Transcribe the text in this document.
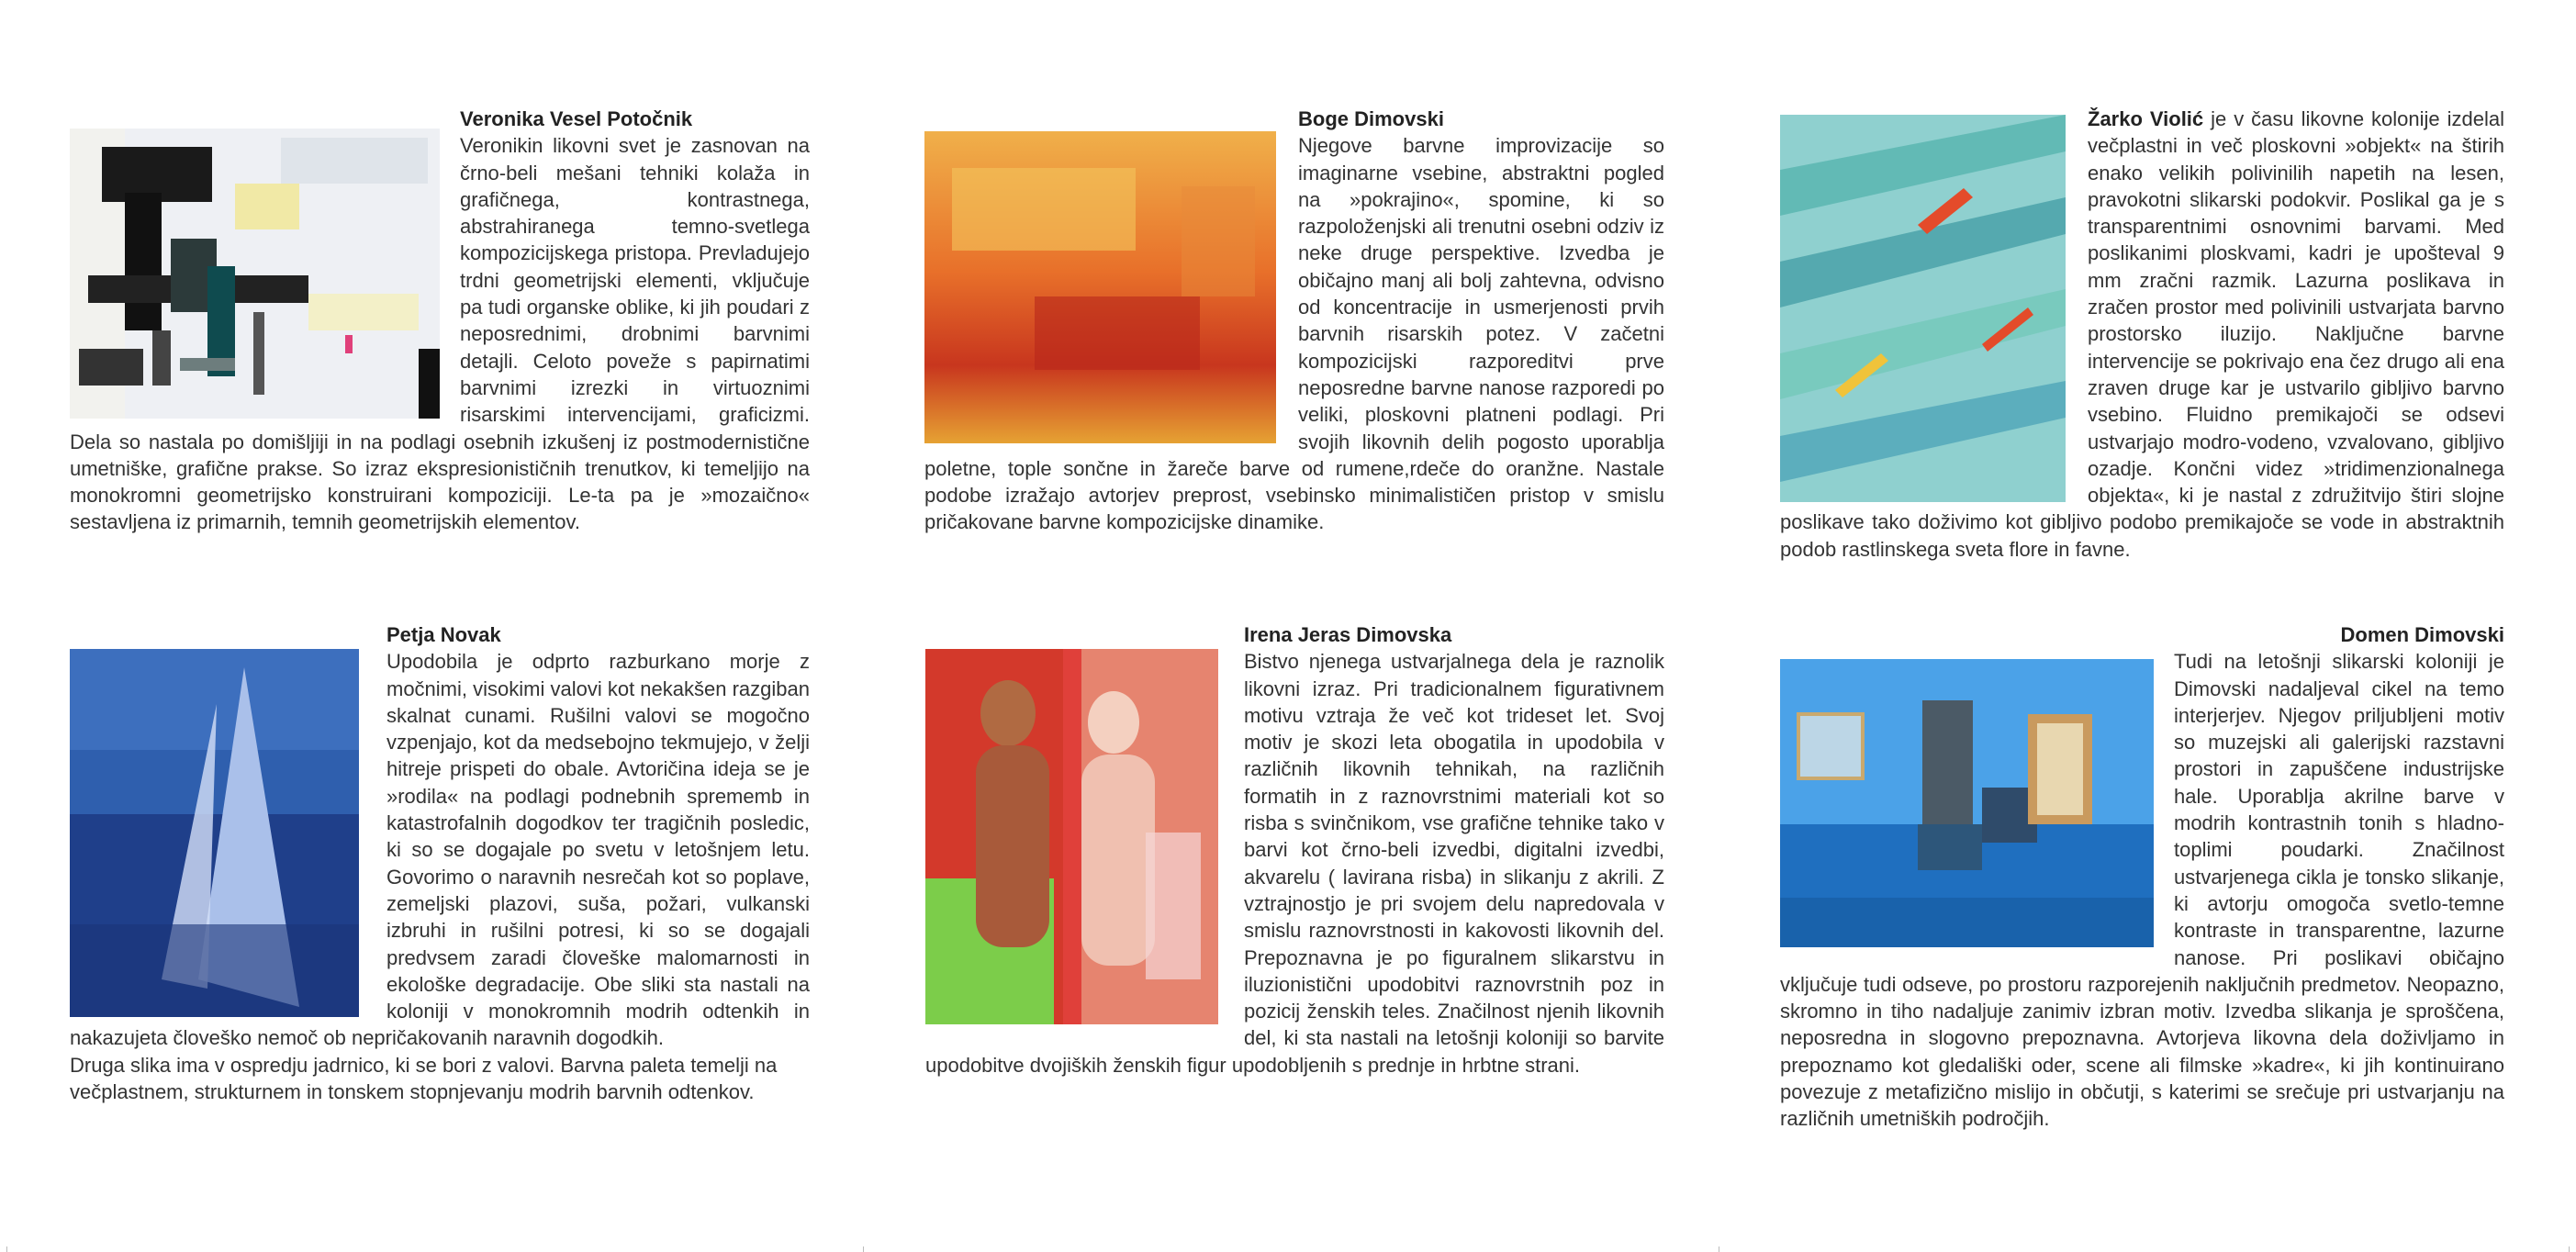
Veronika Vesel Potočnik

Veronikin likovni svet je zasnovan na črno-beli mešani tehniki kolaža in grafičnega, kontrastnega, abstrahiranega temno-svetlega kompozicijskega pristopa. Prevladujejo trdni geometrijski elementi, vključuje pa tudi organske oblike, ki jih poudari z neposrednimi, drobnimi barvnimi detajli. Celoto poveže s papirnatimi barvnimi izrezki in virtuoznimi risarskimi intervencijami, graficizmi. Dela so nastala po domišljiji in na podlagi osebnih izkušenj iz postmodernistične umetniške, grafične prakse. So izraz ekspresionističnih trenutkov, ki temeljijo na monokromni geometrijsko konstruirani kompoziciji. Le-ta pa je »mozaično« sestavljena iz primarnih, temnih geometrijskih elementov.

Boge Dimovski

Njegove barvne improvizacije so imaginarne vsebine, abstraktni pogled na »pokrajino«, spomine, ki so razpoloženjski ali trenutni osebni odziv iz neke druge perspektive. Izvedba je običajno manj ali bolj zahtevna, odvisno od koncentracije in usmerjenosti prvih barvnih risarskih potez. V začetni kompozicijski razporeditvi prve neposredne barvne nanose razporedi po veliki, ploskovni platneni podlagi. Pri svojih likovnih delih pogosto uporablja poletne, tople sončne in žareče barve od rumene,rdeče do oranžne. Nastale podobe izražajo avtorjev preprost, vsebinsko minimalističen pristop v smislu pričakovane barvne kompozicijske dinamike.

Žarko Violić je v času likovne kolonije izdelal večplastni in več ploskovni »objekt« na štirih enako velikih polivinilih napetih na lesen, pravokotni slikarski podokvir. Poslikal ga je s transparentnimi osnovnimi barvami. Med poslikanimi ploskvami, kadri je upošteval 9 mm zračni razmik. Lazurna poslikava in zračen prostor med polivinili ustvarjata barvno prostorsko iluzijo. Naključne barvne intervencije se pokrivajo ena čez drugo ali ena zraven druge kar je ustvarilo gibljivo barvno vsebino. Fluidno premikajoči se odsevi ustvarjajo modro-vodeno, vzvalovano, gibljivo ozadje. Končni videz »tridimenzionalnega objekta«, ki je nastal z združitvijo štiri slojne poslikave tako doživimo kot gibljivo podobo premikajoče se vode in abstraktnih podob rastlinskega sveta flore in favne.

Petja Novak

Upodobila je odprto razburkano morje z močnimi, visokimi valovi kot nekakšen razgiban skalnat cunami. Rušilni valovi se mogočno vzpenjajo, kot da medsebojno tekmujejo, v želji hitreje prispeti do obale. Avtoričina ideja se je »rodila« na podlagi podnebnih sprememb in katastrofalnih dogodkov ter tragičnih posledic, ki so se dogajale po svetu v letošnjem letu. Govorimo o naravnih nesrečah kot so poplave, zemeljski plazovi, suša, požari, vulkanski izbruhi in rušilni potresi, ki so se dogajali predvsem zaradi človeške malomarnosti in ekološke degradacije. Obe sliki sta nastali na koloniji v monokromnih modrih odtenkih in nakazujeta človeško nemoč ob nepričakovanih naravnih dogodkih.

Druga slika ima v ospredju jadrnico, ki se bori z valovi. Barvna paleta temelji na večplastnem, strukturnem in tonskem stopnjevanju modrih barvnih odtenkov.

Irena Jeras Dimovska

Bistvo njenega ustvarjalnega dela je raznolik likovni izraz. Pri tradicionalnem figurativnem motivu vztraja že več kot trideset let. Svoj motiv je skozi leta obogatila in upodobila v različnih likovnih tehnikah, na različnih formatih in z raznovrstnimi materiali kot so risba s svinčnikom, vse grafične tehnike tako v barvi kot črno-beli izvedbi, digitalni izvedbi, akvarelu ( lavirana risba) in slikanju z akrili. Z vztrajnostjo je pri svojem delu napredovala v smislu raznovrstnosti in kakovosti likovnih del. Prepoznavna je po figuralnem slikarstvu in iluzionistični upodobitvi raznovrstnih poz in pozicij ženskih teles. Značilnost njenih likovnih del, ki sta nastali na letošnji koloniji so barvite upodobitve dvojiških ženskih figur upodobljenih s prednje in hrbtne strani.

Domen Dimovski

Tudi na letošnji slikarski koloniji je Dimovski nadaljeval cikel na temo interjerjev. Njegov priljubljeni motiv so muzejski ali galerijski razstavni prostori in zapuščene industrijske hale. Uporablja akrilne barve v modrih kontrastnih tonih s hladno-toplimi poudarki. Značilnost ustvarjenega cikla je tonsko slikanje, ki avtorju omogoča svetlo-temne kontraste in transparentne, lazurne nanose. Pri poslikavi običajno vključuje tudi odseve, po prostoru razporejenih naključnih predmetov. Neopazno, skromno in tiho nadaljuje zanimiv izbran motiv. Izvedba slikanja je sproščena, neposredna in slogovno prepoznavna. Avtorjeva likovna dela doživljamo in prepoznamo kot gledališki oder, scene ali filmske »kadre«, ki jih kontinuirano povezuje z metafizično mislijo in občutji, s katerimi se srečuje pri ustvarjanju na različnih umetniških področjih.
